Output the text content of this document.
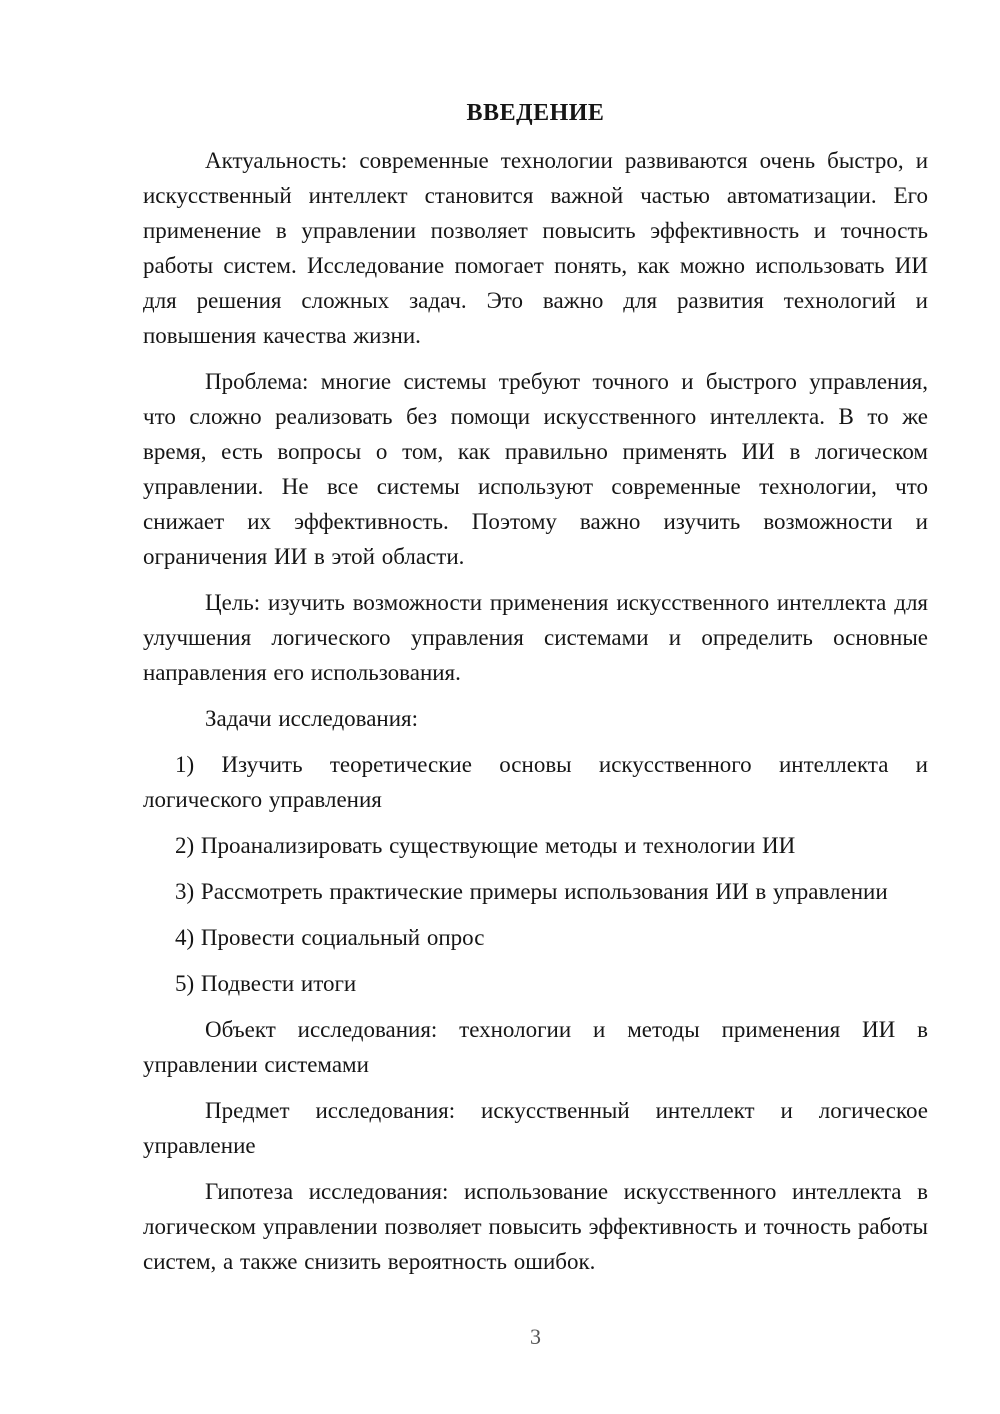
ВВЕДЕНИЕ

Актуальность: современные технологии развиваются очень быстро, и искусственный интеллект становится важной частью автоматизации. Его применение в управлении позволяет повысить эффективность и точность работы систем. Исследование помогает понять, как можно использовать ИИ для решения сложных задач. Это важно для развития технологий и повышения качества жизни.

Проблема: многие системы требуют точного и быстрого управления, что сложно реализовать без помощи искусственного интеллекта. В то же время, есть вопросы о том, как правильно применять ИИ в логическом управлении. Не все системы используют современные технологии, что снижает их эффективность. Поэтому важно изучить возможности и ограничения ИИ в этой области.

Цель: изучить возможности применения искусственного интеллекта для улучшения логического управления системами и определить основные направления его использования.

Задачи исследования:

1) Изучить теоретические основы искусственного интеллекта и логического управления

2) Проанализировать существующие методы и технологии ИИ

3) Рассмотреть практические примеры использования ИИ в управлении

4) Провести социальный опрос

5) Подвести итоги

Объект исследования: технологии и методы применения ИИ в управлении системами

Предмет исследования: искусственный интеллект и логическое управление

Гипотеза исследования: использование искусственного интеллекта в логическом управлении позволяет повысить эффективность и точность работы систем, а также снизить вероятность ошибок.

3
